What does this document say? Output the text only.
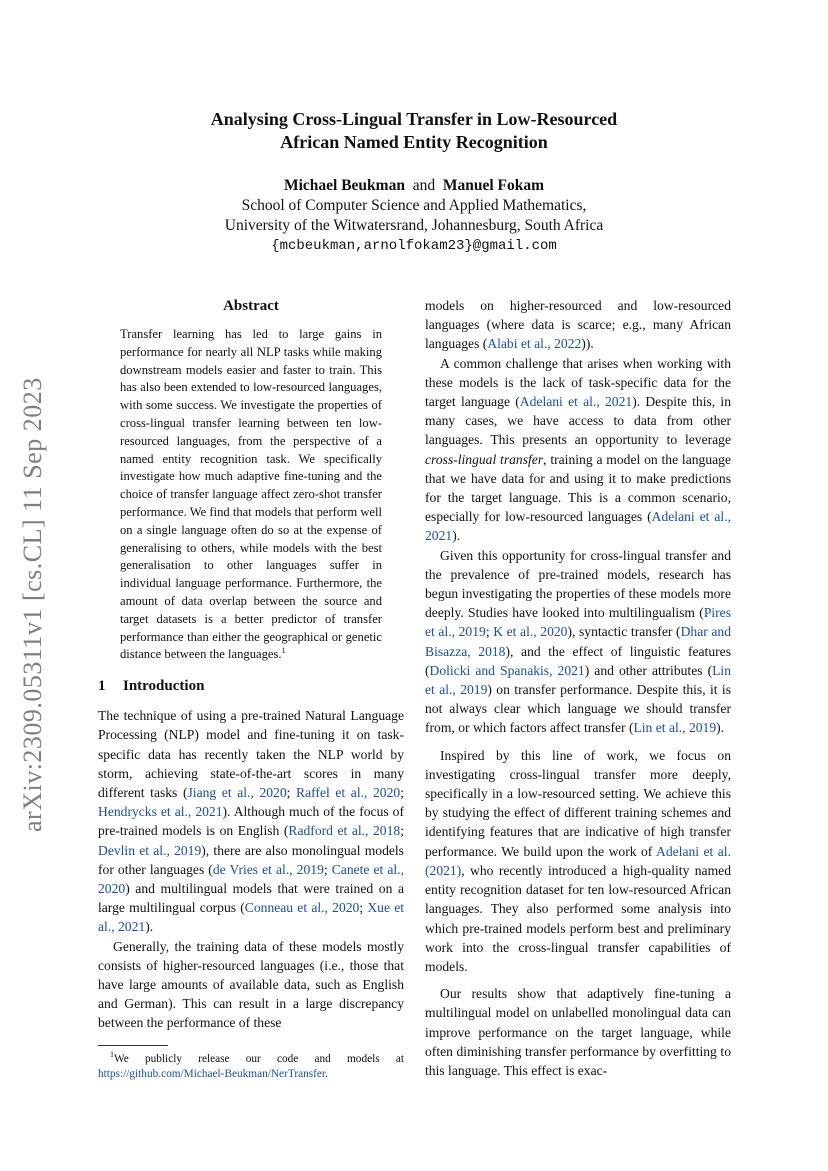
arXiv:2309.05311v1 [cs.CL] 11 Sep 2023
Analysing Cross-Lingual Transfer in Low-Resourced
African Named Entity Recognition
Michael Beukman and Manuel Fokam
School of Computer Science and Applied Mathematics,
University of the Witwatersrand, Johannesburg, South Africa
{mcbeukman,arnolfokam23}@gmail.com
Abstract

Transfer learning has led to large gains in performance for nearly all NLP tasks while making downstream models easier and faster to train. This has also been extended to low-resourced languages, with some success. We investigate the properties of cross-lingual transfer learning between ten low-resourced languages, from the perspective of a named entity recognition task. We specifically investigate how much adaptive fine-tuning and the choice of transfer language affect zero-shot transfer performance. We find that models that perform well on a single language often do so at the expense of generalising to others, while models with the best generalisation to other languages suffer in individual language performance. Furthermore, the amount of data overlap between the source and target datasets is a better predictor of transfer performance than either the geographical or genetic distance between the languages.$^1$

1 Introduction

The technique of using a pre-trained Natural Language Processing (NLP) model and fine-tuning it on task-specific data has recently taken the NLP world by storm, achieving state-of-the-art scores in many different tasks (Jiang et al., 2020; Raffel et al., 2020; Hendrycks et al., 2021). Although much of the focus of pre-trained models is on English (Radford et al., 2018; Devlin et al., 2019), there are also monolingual models for other languages (de Vries et al., 2019; Canete et al., 2020) and multilingual models that were trained on a large multilingual corpus (Conneau et al., 2020; Xue et al., 2021).

Generally, the training data of these models mostly consists of higher-resourced languages (i.e., those that have large amounts of available data, such as English and German). This can result in a large discrepancy between the performance of these

$^1$We publicly release our code and models at https://github.com/Michael-Beukman/NerTransfer.

models on higher-resourced and low-resourced languages (where data is scarce; e.g., many African languages (Alabi et al., 2022)).

A common challenge that arises when working with these models is the lack of task-specific data for the target language (Adelani et al., 2021). Despite this, in many cases, we have access to data from other languages. This presents an opportunity to leverage cross-lingual transfer, training a model on the language that we have data for and using it to make predictions for the target language. This is a common scenario, especially for low-resourced languages (Adelani et al., 2021).

Given this opportunity for cross-lingual transfer and the prevalence of pre-trained models, research has begun investigating the properties of these models more deeply. Studies have looked into multilingualism (Pires et al., 2019; K et al., 2020), syntactic transfer (Dhar and Bisazza, 2018), and the effect of linguistic features (Dolicki and Spanakis, 2021) and other attributes (Lin et al., 2019) on transfer performance. Despite this, it is not always clear which language we should transfer from, or which factors affect transfer (Lin et al., 2019).

Inspired by this line of work, we focus on investigating cross-lingual transfer more deeply, specifically in a low-resourced setting. We achieve this by studying the effect of different training schemes and identifying features that are indicative of high transfer performance. We build upon the work of Adelani et al. (2021), who recently introduced a high-quality named entity recognition dataset for ten low-resourced African languages. They also performed some analysis into which pre-trained models perform best and preliminary work into the cross-lingual transfer capabilities of models.

Our results show that adaptively fine-tuning a multilingual model on unlabelled monolingual data can improve performance on the target language, while often diminishing transfer performance by overfitting to this language. This effect is exac-
